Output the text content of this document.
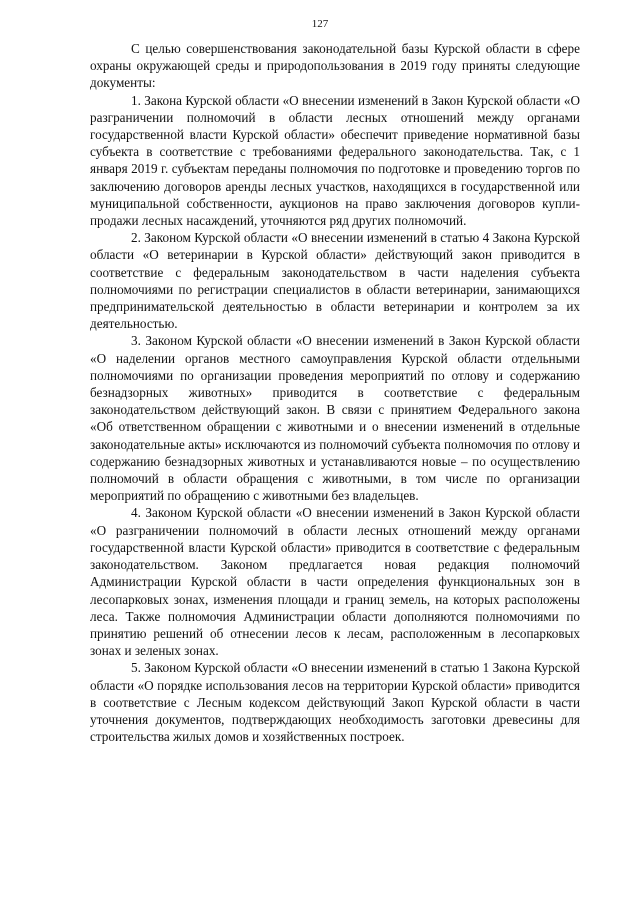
127

С целью совершенствования законодательной базы Курской области в сфере охраны окружающей среды и природопользования в 2019 году приняты следующие документы:

1. Закона Курской области «О внесении изменений в Закон Курской области «О разграничении полномочий в области лесных отношений между органами государственной власти Курской области» обеспечит приведение нормативной базы субъекта в соответствие с требованиями федерального законодательства. Так, с 1 января 2019 г. субъектам переданы полномочия по подготовке и проведению торгов по заключению договоров аренды лесных участков, находящихся в государственной или муниципальной собственности, аукционов на право заключения договоров купли-продажи лесных насаждений, уточняются ряд других полномочий.

2. Законом Курской области «О внесении изменений в статью 4 Закона Курской области «О ветеринарии в Курской области» действующий закон приводится в соответствие с федеральным законодательством в части наделения субъекта полномочиями по регистрации специалистов в области ветеринарии, занимающихся предпринимательской деятельностью в области ветеринарии и контролем за их деятельностью.

3. Законом Курской области «О внесении изменений в Закон Курской области «О наделении органов местного самоуправления Курской области отдельными полномочиями по организации проведения мероприятий по отлову и содержанию безнадзорных животных» приводится в соответствие с федеральным законодательством действующий закон. В связи с принятием Федерального закона «Об ответственном обращении с животными и о внесении изменений в отдельные законодательные акты» исключаются из полномочий субъекта полномочия по отлову и содержанию безнадзорных животных и устанавливаются новые – по осуществлению полномочий в области обращения с животными, в том числе по организации мероприятий по обращению с животными без владельцев.

4. Законом Курской области «О внесении изменений в Закон Курской области «О разграничении полномочий в области лесных отношений между органами государственной власти Курской области» приводится в соответствие с федеральным законодательством. Законом предлагается новая редакция полномочий Администрации Курской области в части определения функциональных зон в лесопарковых зонах, изменения площади и границ земель, на которых расположены леса. Также полномочия Администрации области дополняются полномочиями по принятию решений об отнесении лесов к лесам, расположенным в лесопарковых зонах и зеленых зонах.

5. Законом Курской области «О внесении изменений в статью 1 Закона Курской области «О порядке использования лесов на территории Курской области» приводится в соответствие с Лесным кодексом действующий Закоп Курской области в части уточнения документов, подтверждающих необходимость заготовки древесины для строительства жилых домов и хозяйственных построек.
